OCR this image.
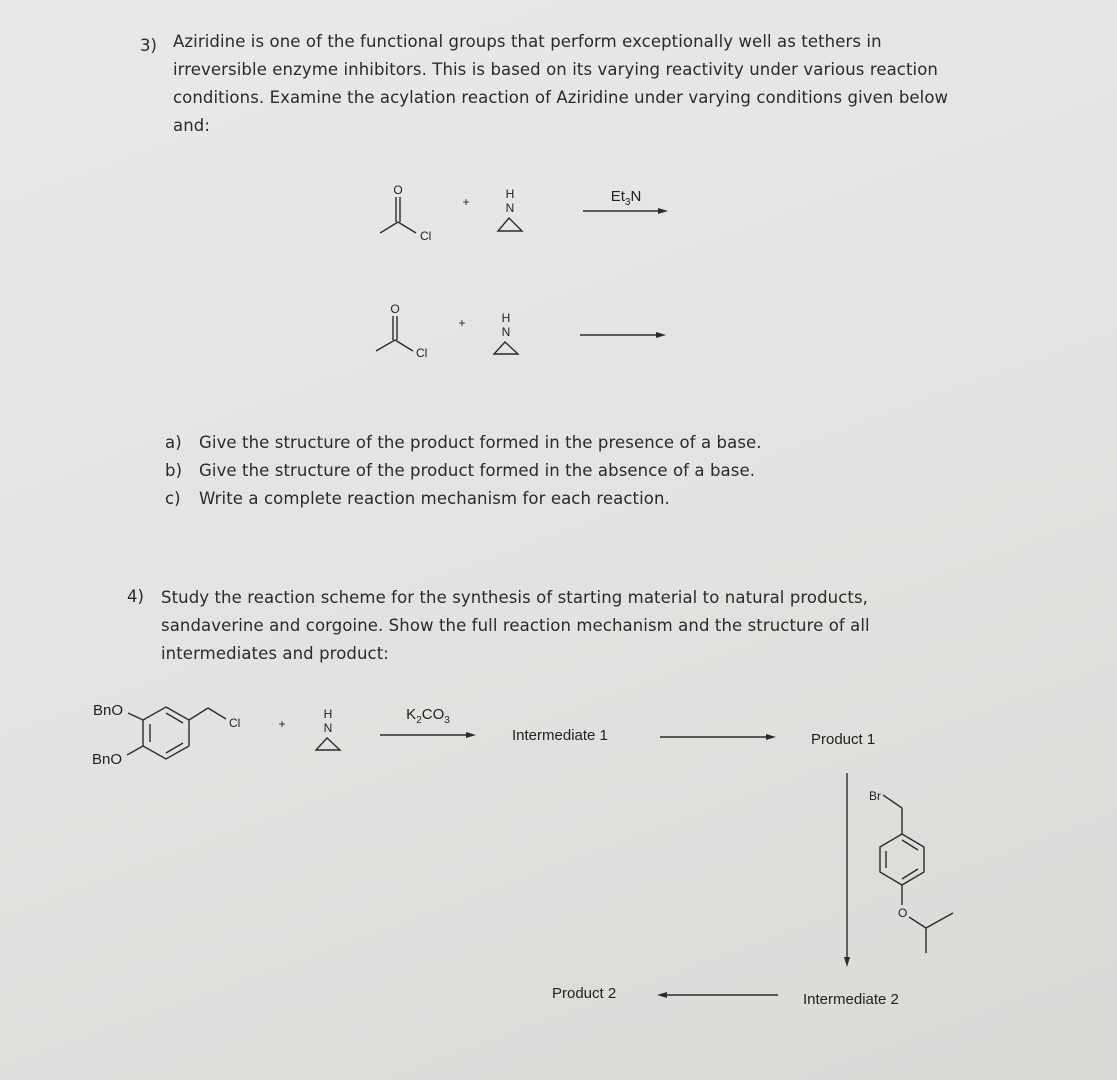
3) Aziridine is one of the functional groups that perform exceptionally well as tethers in
irreversible enzyme inhibitors. This is based on its varying reactivity under various reaction
conditions. Examine the acylation reaction of Aziridine under varying conditions given below
and:
O
Cl
+
H
N
$Et_3N$
O
Cl
+	H
N
Cl	+
H
N
$K_2CO_3$
Br
O
a) Give the structure of the product formed in the presence of a base.
b) Give the structure of the product formed in the absence of a base.
c) Write a complete reaction mechanism for each reaction.
4) Study the reaction scheme for the synthesis of starting material to natural products,
sandaverine and corgoine. Show the full reaction mechanism and the structure of all
intermediates and product:
BnO
BnO
Intermediate 1	Product 1
Intermediate 2
Product 2
